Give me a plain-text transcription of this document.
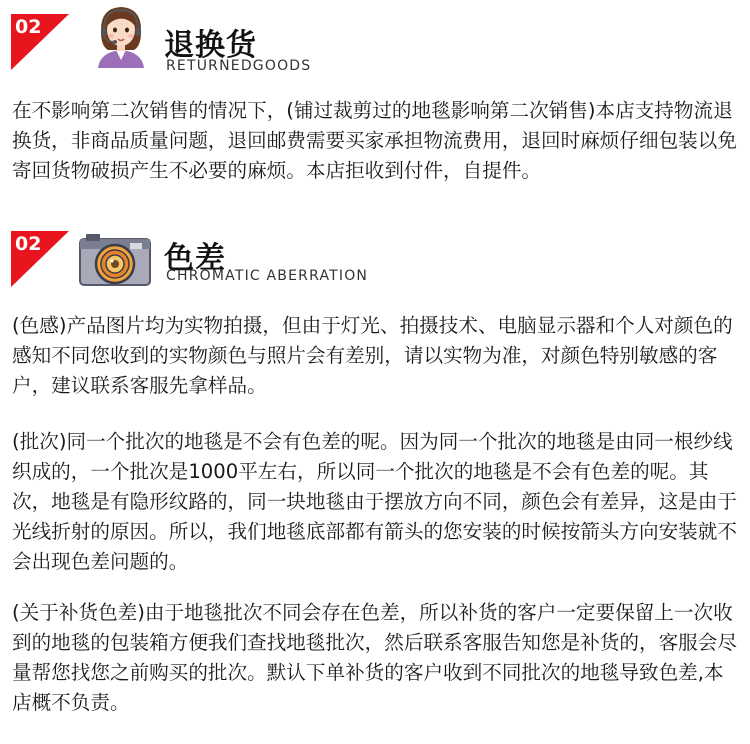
02
退换货
RETURNEDGOODS

在不影响第二次销售的情况下，(铺过裁剪过的地毯影响第二次销售)本店支持物流退换货，非商品质量问题，退回邮费需要买家承担物流费用，退回时麻烦仔细包装以免寄回货物破损产生不必要的麻烦。本店拒收到付件，自提件。

02	色差
CHROMATIC ABERRATION

(色感)产品图片均为实物拍摄，但由于灯光、拍摄技术、电脑显示器和个人对颜色的感知不同您收到的实物颜色与照片会有差别，请以实物为准，对颜色特别敏感的客户，建议联系客服先拿样品。

(批次)同一个批次的地毯是不会有色差的呢。因为同一个批次的地毯是由同一根纱线织成的，一个批次是1000平左右，所以同一个批次的地毯是不会有色差的呢。其次，地毯是有隐形纹路的，同一块地毯由于摆放方向不同，颜色会有差异，这是由于光线折射的原因。所以，我们地毯底部都有箭头的您安装的时候按箭头方向安装就不会出现色差问题的。

(关于补货色差)由于地毯批次不同会存在色差，所以补货的客户一定要保留上一次收到的地毯的包装箱方便我们查找地毯批次，然后联系客服告知您是补货的，客服会尽量帮您找您之前购买的批次。默认下单补货的客户收到不同批次的地毯导致色差,本店概不负责。
